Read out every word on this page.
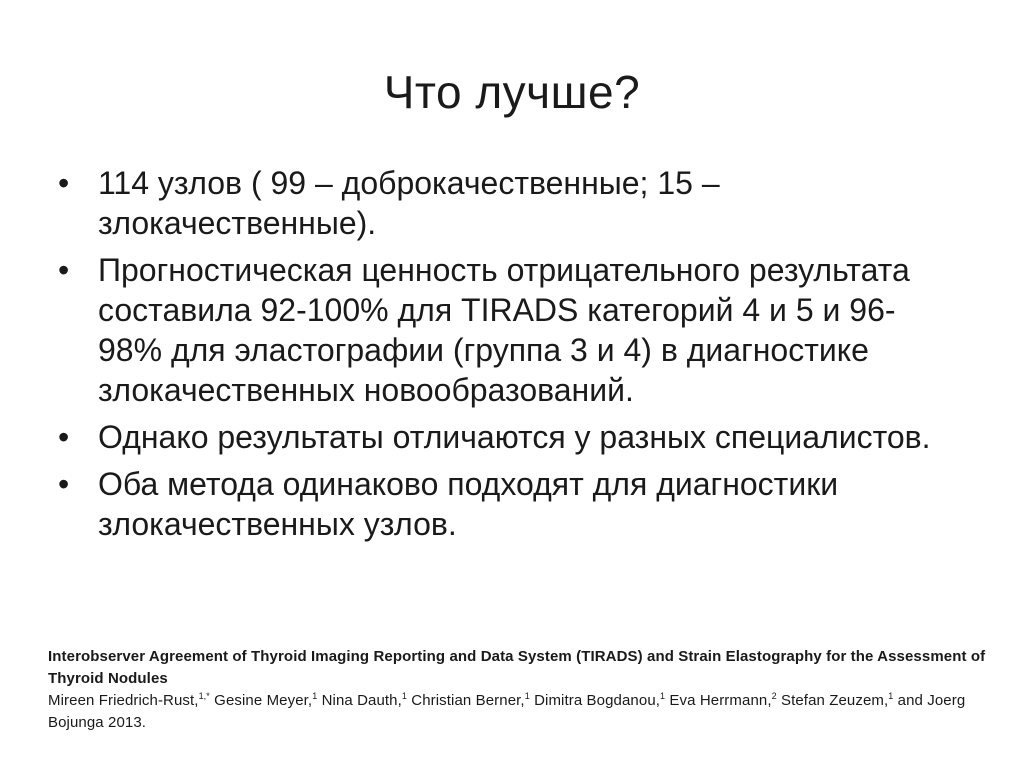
Что лучше?
• 114 узлов ( 99 – доброкачественные; 15 – злокачественные).
• Прогностическая ценность отрицательного результата составила 92-100% для TIRADS категорий 4 и 5 и 96-98% для эластографии (группа 3 и 4) в диагностике злокачественных новообразований.
• Однако результаты отличаются у разных специалистов.
• Оба метода одинаково подходят для диагностики злокачественных узлов.

Interobserver Agreement of Thyroid Imaging Reporting and Data System (TIRADS) and Strain Elastography for the Assessment of Thyroid Nodules

Mireen Friedrich-Rust,$^{1,*}$ Gesine Meyer,$^1$ Nina Dauth,$^1$ Christian Berner,$^1$ Dimitra Bogdanou,$^1$ Eva Herrmann,$^2$ Stefan Zeuzem,$^1$ and Joerg Bojunga 2013.
